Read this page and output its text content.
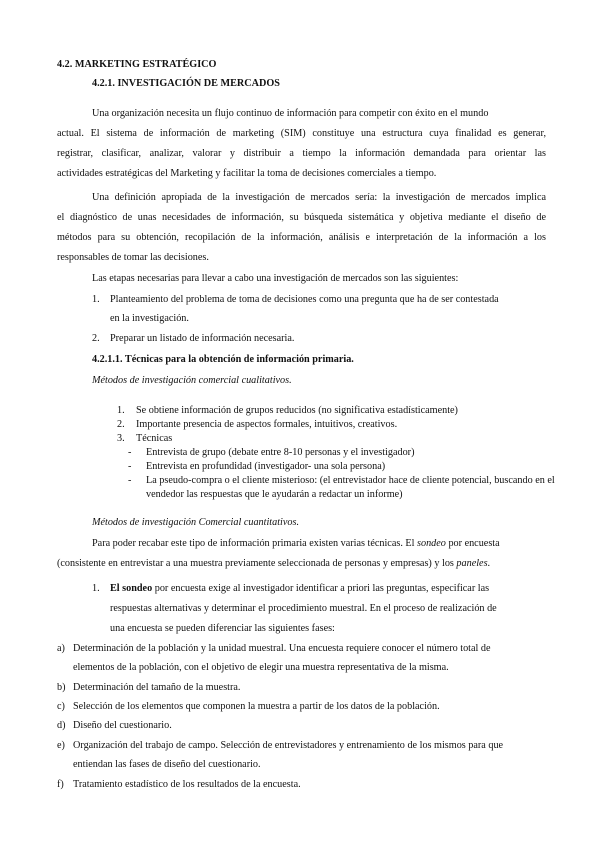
4.2. MARKETING ESTRATÉGICO
4.2.1. INVESTIGACIÓN DE MERCADOS
Una organización necesita un flujo continuo de información para competir con éxito en el mundo
actual. El sistema de información de marketing (SIM) constituye una estructura cuya finalidad es generar,
registrar, clasificar, analizar, valorar y distribuir a tiempo la información demandada para orientar las
actividades estratégicas del Marketing y facilitar la toma de decisiones comerciales a tiempo.
Una definición apropiada de la investigación de mercados sería: la investigación de mercados implica
el diagnóstico de unas necesidades de información, su búsqueda sistemática y objetiva mediante el diseño de
métodos para su obtención, recopilación de la información, análisis e interpretación de la información a los
responsables de tomar las decisiones.
Las etapas necesarias para llevar a cabo una investigación de mercados son las siguientes:
1. Planteamiento del problema de toma de decisiones como una pregunta que ha de ser contestada
en la investigación.
2. Preparar un listado de información necesaria.
4.2.1.1. Técnicas para la obtención de información primaria.
Métodos de investigación comercial cualitativos.
1. Se obtiene información de grupos reducidos (no significativa estadísticamente)
2. Importante presencia de aspectos formales, intuitivos, creativos.
3. Técnicas
- Entrevista de grupo (debate entre 8-10 personas y el investigador)
- Entrevista en profundidad (investigador- una sola persona)
- La pseudo-compra o el cliente misterioso: (el entrevistador hace de cliente potencial, buscando en el
vendedor las respuestas que le ayudarán a redactar un informe)
Métodos de investigación Comercial cuantitativos.
Para poder recabar este tipo de información primaria existen varias técnicas. El sondeo por encuesta
(consistente en entrevistar a una muestra previamente seleccionada de personas y empresas) y los paneles.
1. El sondeo por encuesta exige al investigador identificar a priori las preguntas, especificar las
respuestas alternativas y determinar el procedimiento muestral. En el proceso de realización de
una encuesta se pueden diferenciar las siguientes fases:
a) Determinación de la población y la unidad muestral. Una encuesta requiere conocer el número total de
elementos de la población, con el objetivo de elegir una muestra representativa de la misma.
b) Determinación del tamaño de la muestra.
c) Selección de los elementos que componen la muestra a partir de los datos de la población.
d) Diseño del cuestionario.
e) Organización del trabajo de campo. Selección de entrevistadores y entrenamiento de los mismos para que
entiendan las fases de diseño del cuestionario.
f) Tratamiento estadístico de los resultados de la encuesta.
